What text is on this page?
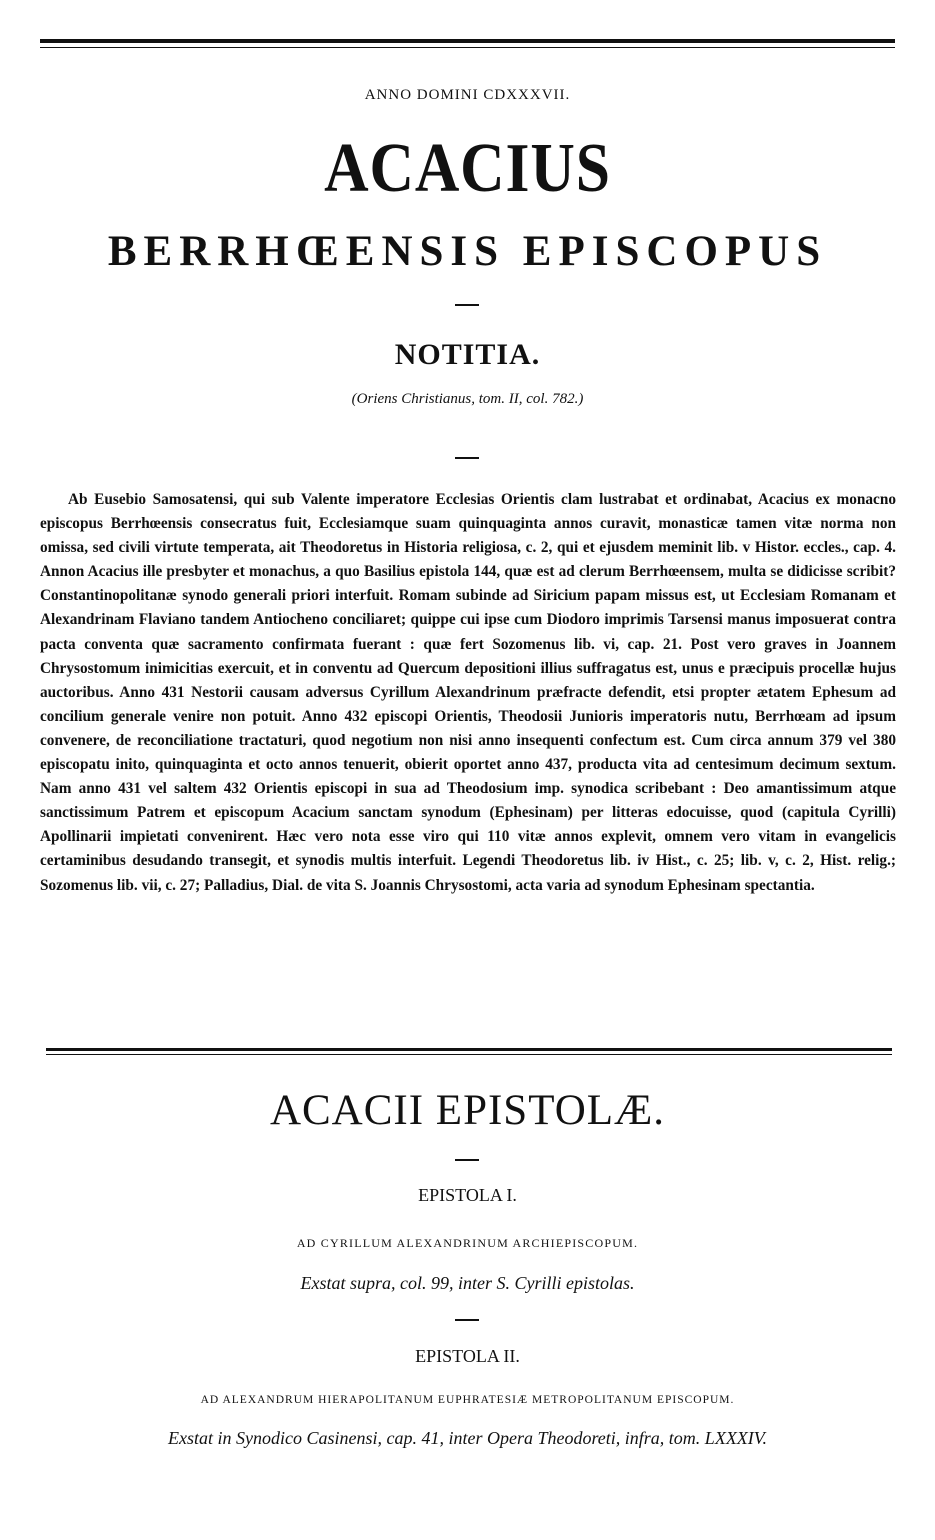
ANNO DOMINI CDXXXVII.
ACACIUS
BERRHŒENSIS EPISCOPUS
NOTITIA.
(Oriens Christianus, tom. II, col. 782.)

Ab Eusebio Samosatensi, qui sub Valente imperatore Ecclesias Orientis clam lustrabat et ordinabat, Acacius ex monacno episcopus Berrhœensis consecratus fuit, Ecclesiamque suam quinquaginta annos curavit, monasticæ tamen vitæ norma non omissa, sed civili virtute temperata, ait Theodoretus in Historia religiosa, c. 2, qui et ejusdem meminit lib. v Histor. eccles., cap. 4. Annon Acacius ille presbyter et monachus, a quo Basilius epistola 144, quæ est ad clerum Berrhœensem, multa se didicisse scribit? Constantinopolitanæ synodo generali priori interfuit. Romam subinde ad Siricium papam missus est, ut Ecclesiam Romanam et Alexandrinam Flaviano tandem Antiocheno conciliaret; quippe cui ipse cum Diodoro imprimis Tarsensi manus imposuerat contra pacta conventa quæ sacramento confirmata fuerant : quæ fert Sozomenus lib. vi, cap. 21. Post vero graves in Joannem Chrysostomum inimicitias exercuit, et in conventu ad Quercum depositioni illius suffragatus est, unus e præcipuis procellæ hujus auctoribus. Anno 431 Nestorii causam adversus Cyrillum Alexandrinum præfracte defendit, etsi propter ætatem Ephesum ad concilium generale venire non potuit. Anno 432 episcopi Orientis, Theodosii Junioris imperatoris nutu, Berrhœam ad ipsum convenere, de reconciliatione tractaturi, quod negotium non nisi anno insequenti confectum est. Cum circa annum 379 vel 380 episcopatu inito, quinquaginta et octo annos tenuerit, obierit oportet anno 437, producta vita ad centesimum decimum sextum. Nam anno 431 vel saltem 432 Orientis episcopi in sua ad Theodosium imp. synodica scribebant : Deo amantissimum atque sanctissimum Patrem et episcopum Acacium sanctam synodum (Ephesinam) per litteras edocuisse, quod (capitula Cyrilli) Apollinarii impietati convenirent. Hæc vero nota esse viro qui 110 vitæ annos explevit, omnem vero vitam in evangelicis certaminibus desudando transegit, et synodis multis interfuit. Legendi Theodoretus lib. iv Hist., c. 25; lib. v, c. 2, Hist. relig.; Sozomenus lib. vii, c. 27; Palladius, Dial. de vita S. Joannis Chrysostomi, acta varia ad synodum Ephesinam spectantia.

ACACII EPISTOLÆ.
EPISTOLA I.
AD CYRILLUM ALEXANDRINUM ARCHIEPISCOPUM.
Exstat supra, col. 99, inter S. Cyrilli epistolas.
EPISTOLA II.
AD ALEXANDRUM HIERAPOLITANUM EUPHRATESIÆ METROPOLITANUM EPISCOPUM.
Exstat in Synodico Casinensi, cap. 41, inter Opera Theodoreti, infra, tom. LXXXIV.
